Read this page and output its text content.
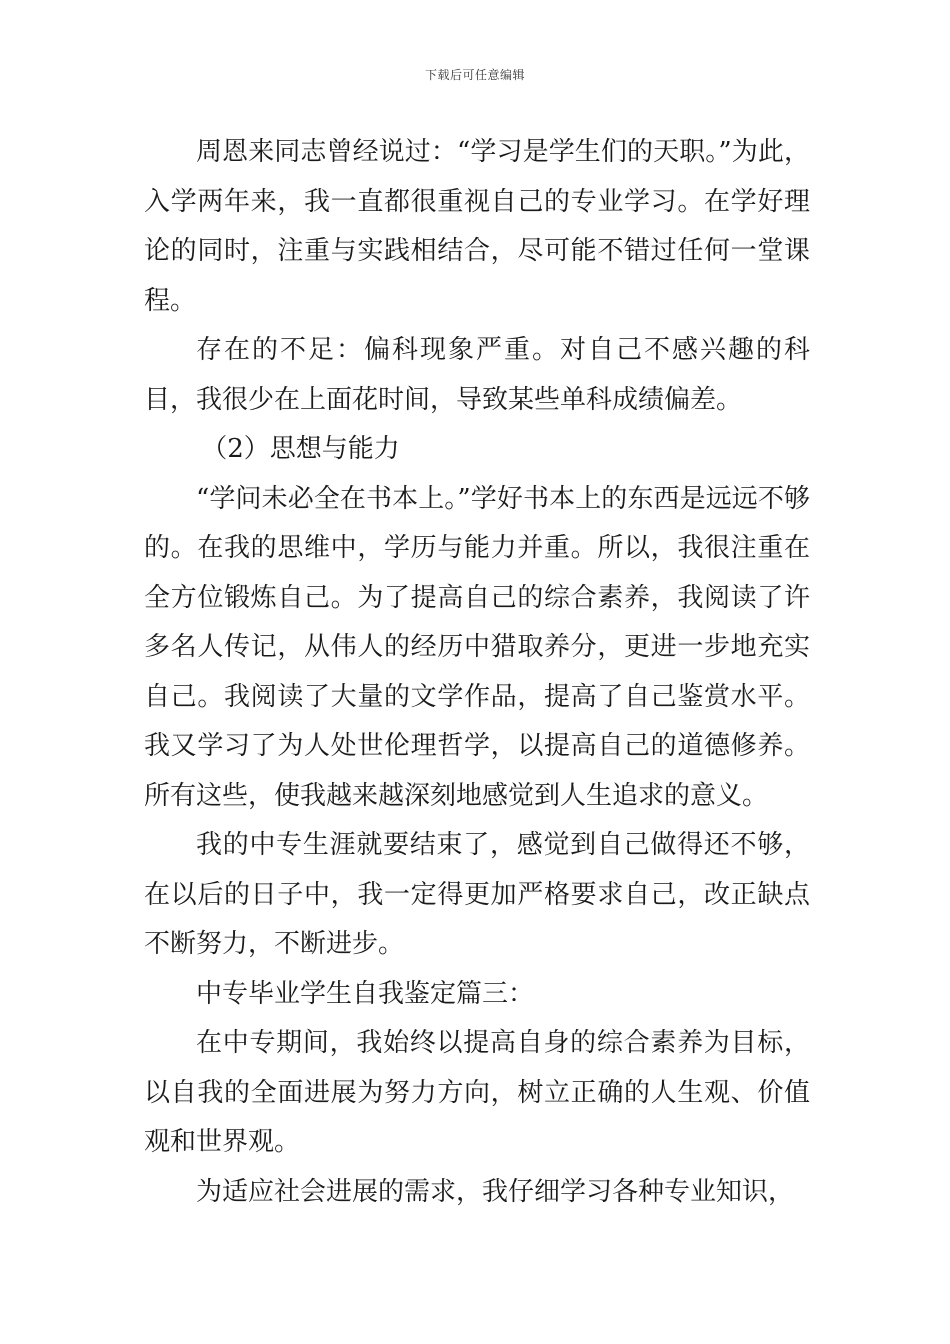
下载后可任意编辑

周恩来同志曾经说过：“学习是学生们的天职。”为此，入学两年来，我一直都很重视自己的专业学习。在学好理论的同时，注重与实践相结合，尽可能不错过任何一堂课程。

存在的不足：偏科现象严重。对自己不感兴趣的科目，我很少在上面花时间，导致某些单科成绩偏差。

（2）思想与能力

“学问未必全在书本上。”学好书本上的东西是远远不够的。在我的思维中，学历与能力并重。所以，我很注重在全方位锻炼自己。为了提高自己的综合素养，我阅读了许多名人传记，从伟人的经历中猎取养分，更进一步地充实自己。我阅读了大量的文学作品，提高了自己鉴赏水平。我又学习了为人处世伦理哲学，以提高自己的道德修养。所有这些，使我越来越深刻地感觉到人生追求的意义。

我的中专生涯就要结束了，感觉到自己做得还不够，在以后的日子中，我一定得更加严格要求自己，改正缺点不断努力，不断进步。

中专毕业学生自我鉴定篇三：

在中专期间，我始终以提高自身的综合素养为目标，以自我的全面进展为努力方向，树立正确的人生观、价值观和世界观。

为适应社会进展的需求，我仔细学习各种专业知识，
